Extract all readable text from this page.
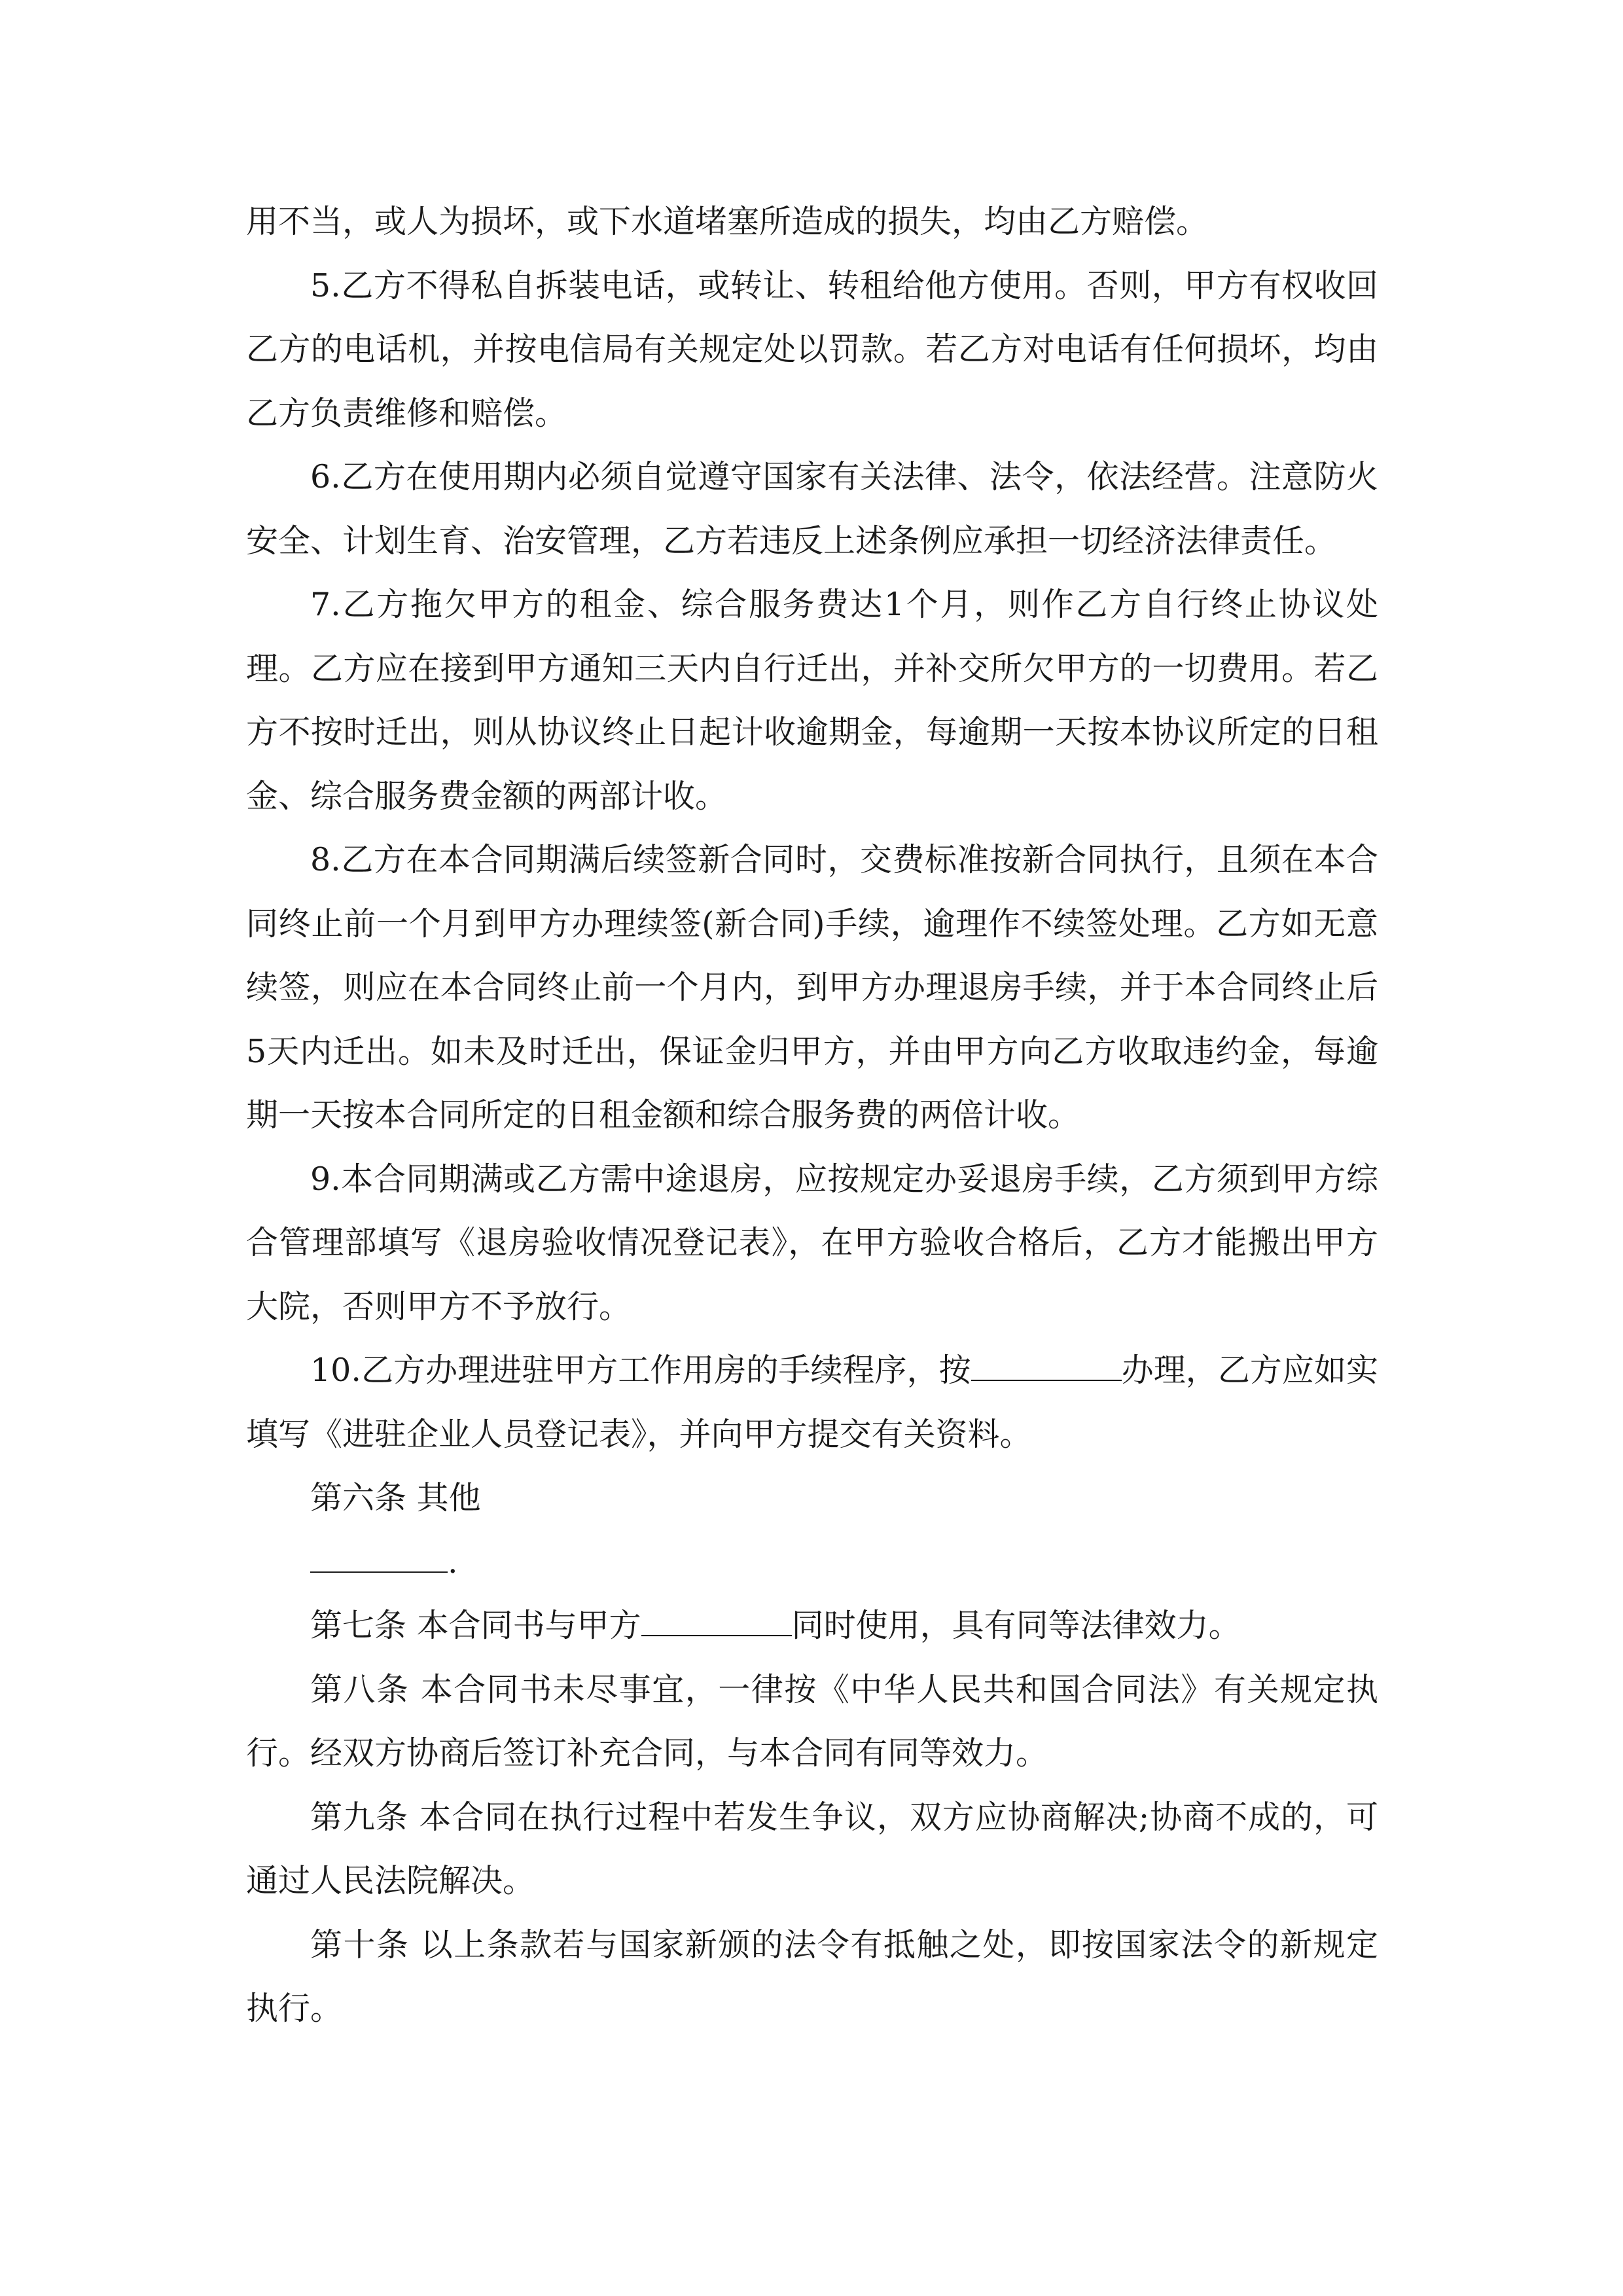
用不当，或人为损坏，或下水道堵塞所造成的损失，均由乙方赔偿。

5.乙方不得私自拆装电话，或转让、转租给他方使用。否则，甲方有权收回乙方的电话机，并按电信局有关规定处以罚款。若乙方对电话有任何损坏，均由乙方负责维修和赔偿。

6.乙方在使用期内必须自觉遵守国家有关法律、法令，依法经营。注意防火安全、计划生育、治安管理，乙方若违反上述条例应承担一切经济法律责任。

7.乙方拖欠甲方的租金、综合服务费达1个月，则作乙方自行终止协议处理。乙方应在接到甲方通知三天内自行迁出，并补交所欠甲方的一切费用。若乙方不按时迁出，则从协议终止日起计收逾期金，每逾期一天按本协议所定的日租金、综合服务费金额的两部计收。

8.乙方在本合同期满后续签新合同时，交费标准按新合同执行，且须在本合同终止前一个月到甲方办理续签(新合同)手续，逾理作不续签处理。乙方如无意续签，则应在本合同终止前一个月内，到甲方办理退房手续，并于本合同终止后5天内迁出。如未及时迁出，保证金归甲方，并由甲方向乙方收取违约金，每逾期一天按本合同所定的日租金额和综合服务费的两倍计收。

9.本合同期满或乙方需中途退房，应按规定办妥退房手续，乙方须到甲方综合管理部填写《退房验收情况登记表》，在甲方验收合格后，乙方才能搬出甲方大院，否则甲方不予放行。

10.乙方办理进驻甲方工作用房的手续程序，按	办理，乙方应如实填写《进驻企业人员登记表》，并向甲方提交有关资料。

第六条 其他

.

第七条 本合同书与甲方	同时使用，具有同等法律效力。

第八条 本合同书未尽事宜，一律按《中华人民共和国合同法》有关规定执行。经双方协商后签订补充合同，与本合同有同等效力。

第九条 本合同在执行过程中若发生争议，双方应协商解决;协商不成的，可通过人民法院解决。

第十条 以上条款若与国家新颁的法令有抵触之处，即按国家法令的新规定执行。
